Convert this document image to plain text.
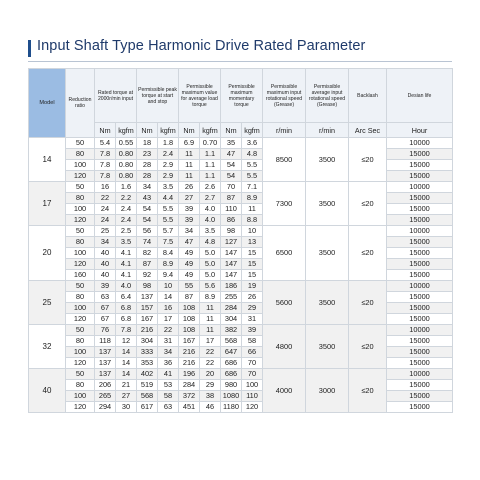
Input Shaft Type Harmonic Drive Rated Parameter
Model	Reduction ratio	Rated torque at 2000r/min input		Permissible peak torque at start and stop		Permissible maximum value for average load torque		Permissible maximum momentary torque		Permissible maximum input rotational speed (Grease)	Permissible average input rotational speed (Grease)	Backlash	Desian life
		Nm	kgfm	Nm	kgfm	Nm	kgfm	Nm	kgfm	r/min	r/min	Arc Sec	Hour
14	50	5.4	0.55	18	1.8	6.9	0.70	35	3.6	8500	3500	≤20	10000
	80	7.8	0.80	23	2.4	11	1.1	47	4.8				15000
	100	7.8	0.80	28	2.9	11	1.1	54	5.5				15000
	120	7.8	0.80	28	2.9	11	1.1	54	5.5				15000
17	50	16	1.6	34	3.5	26	2.6	70	7.1	7300	3500	≤20	10000
	80	22	2.2	43	4.4	27	2.7	87	8.9				15000
	100	24	2.4	54	5.5	39	4.0	110	11				15000
	120	24	2.4	54	5.5	39	4.0	86	8.8				15000
20	50	25	2.5	56	5.7	34	3.5	98	10	6500	3500	≤20	10000
	80	34	3.5	74	7.5	47	4.8	127	13				15000
	100	40	4.1	82	8.4	49	5.0	147	15				15000
	120	40	4.1	87	8.9	49	5.0	147	15				15000
	160	40	4.1	92	9.4	49	5.0	147	15				15000
25	50	39	4.0	98	10	55	5.6	186	19	5600	3500	≤20	10000
	80	63	6.4	137	14	87	8.9	255	26				15000
	100	67	6.8	157	16	108	11	284	29				15000
	120	67	6.8	167	17	108	11	304	31				15000
32	50	76	7.8	216	22	108	11	382	39	4800	3500	≤20	10000
	80	118	12	304	31	167	17	568	58				15000
	100	137	14	333	34	216	22	647	66				15000
	120	137	14	353	36	216	22	686	70				15000
40	50	137	14	402	41	196	20	686	70	4000	3000	≤20	10000
	80	206	21	519	53	284	29	980	100				15000
	100	265	27	568	58	372	38	1080	110				15000
	120	294	30	617	63	451	46	1180	120				15000
